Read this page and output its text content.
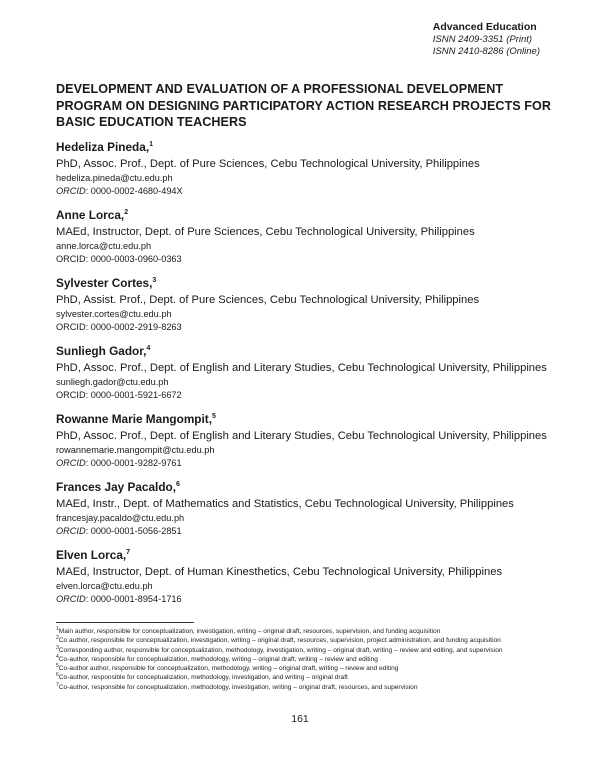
Advanced Education
ISNN 2409-3351 (Print)
ISNN 2410-8286 (Online)
DEVELOPMENT AND EVALUATION OF A PROFESSIONAL DEVELOPMENT PROGRAM ON DESIGNING PARTICIPATORY ACTION RESEARCH PROJECTS FOR BASIC EDUCATION TEACHERS
Hedeliza Pineda,$^1$
PhD, Assoc. Prof., Dept. of Pure Sciences, Cebu Technological University, Philippines
hedeliza.pineda@ctu.edu.ph
ORCID: 0000-0002-4680-494X
Anne Lorca,$^2$
MAEd, Instructor, Dept. of Pure Sciences, Cebu Technological University, Philippines
anne.lorca@ctu.edu.ph
ORCID: 0000-0003-0960-0363
Sylvester Cortes,$^3$
PhD, Assist. Prof., Dept. of Pure Sciences, Cebu Technological University, Philippines
sylvester.cortes@ctu.edu.ph
ORCID: 0000-0002-2919-8263
Sunliegh Gador,$^4$
PhD, Assoc. Prof., Dept. of English and Literary Studies, Cebu Technological University, Philippines
sunliegh.gador@ctu.edu.ph
ORCID: 0000-0001-5921-6672
Rowanne Marie Mangompit,$^5$
PhD, Assoc. Prof., Dept. of English and Literary Studies, Cebu Technological University, Philippines
rowannemarie.mangompit@ctu.edu.ph
ORCID: 0000-0001-9282-9761
Frances Jay Pacaldo,$^6$
MAEd, Instr., Dept. of Mathematics and Statistics, Cebu Technological University, Philippines
francesjay.pacaldo@ctu.edu.ph
ORCID: 0000-0001-5056-2851
Elven Lorca,$^7$
MAEd, Instructor, Dept. of Human Kinesthetics, Cebu Technological University, Philippines
elven.lorca@ctu.edu.ph
ORCID: 0000-0001-8954-1716
$^1$Main author, responsible for conceptualization, investigation, writing – original draft, resources, supervision, and funding acquisition
$^2$Co author, responsible for conceptualization, investigation, writing – original draft, resources, supervision, project administration, and funding acquisition
$^3$Corresponding author, responsible for conceptualization, methodology, investigation, writing – original draft, writing – review and editing, and supervision
$^4$Co-author, responsible for conceptualization, methodology, writing – original draft, writing – review and editing
$^5$Co-author author, responsible for conceptualization, methodology, writing – original draft, writing – review and editing
$^6$Co-author, responsible for conceptualization, methodology, investigation, and writing – original draft
$^7$Co-author, responsible for conceptualization, methodology, investigation, writing – original draft, resources, and supervision
161
